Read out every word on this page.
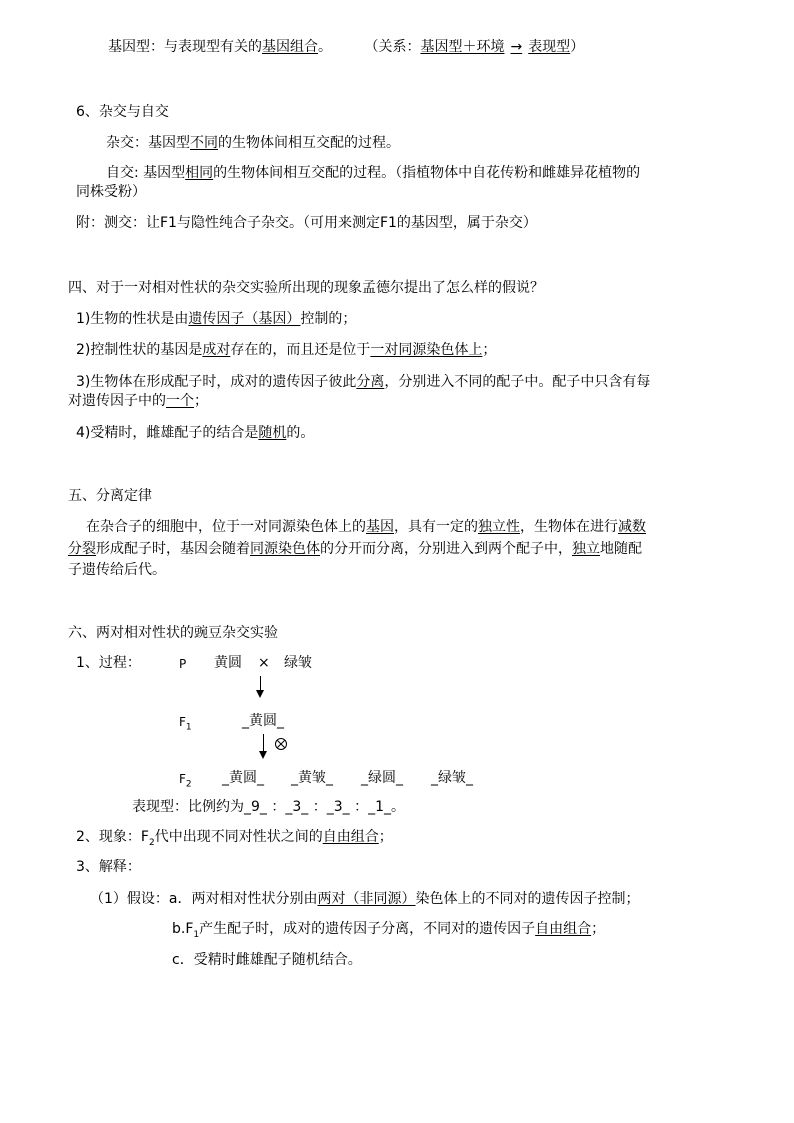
基因型：与表现型有关的基因组合。 （关系：基因型＋环境 → 表现型）
6、杂交与自交
杂交：基因型不同的生物体间相互交配的过程。
自交: 基因型相同的生物体间相互交配的过程。（指植物体中自花传粉和雌雄异花植物的
同株受粉）
附：测交：让F1与隐性纯合子杂交。（可用来测定F1的基因型，属于杂交）
四、对于一对相对性状的杂交实验所出现的现象孟德尔提出了怎么样的假说？
1)生物的性状是由遗传因子（基因）控制的；
2)控制性状的基因是成对存在的，而且还是位于一对同源染色体上；
3)生物体在形成配子时，成对的遗传因子彼此分离，分别进入不同的配子中。配子中只含有每
对遗传因子中的一个；
4)受精时，雌雄配子的结合是随机的。
五、分离定律
在杂合子的细胞中，位于一对同源染色体上的基因，具有一定的独立性，生物体在进行减数
分裂形成配子时，基因会随着同源染色体的分开而分离，分别进入到两个配子中，独立地随配
子遗传给后代。
六、两对相对性状的豌豆杂交实验
1、过程：	P 黄圆 × 绿皱
$F_1$	_黄圆_
$F_2$ _黄圆_ _黄皱_ _绿圆_ _绿皱_
表现型：比例约为_9_ ：_3_ ：_3_ ：_1_。
2、现象：$F_2$代中出现不同对性状之间的自由组合；
3、解释：
（1）假设：a．两对相对性状分别由两对（非同源）染色体上的不同对的遗传因子控制；
$b.F_1$产生配子时，成对的遗传因子分离，不同对的遗传因子自由组合；
c．受精时雌雄配子随机结合。
